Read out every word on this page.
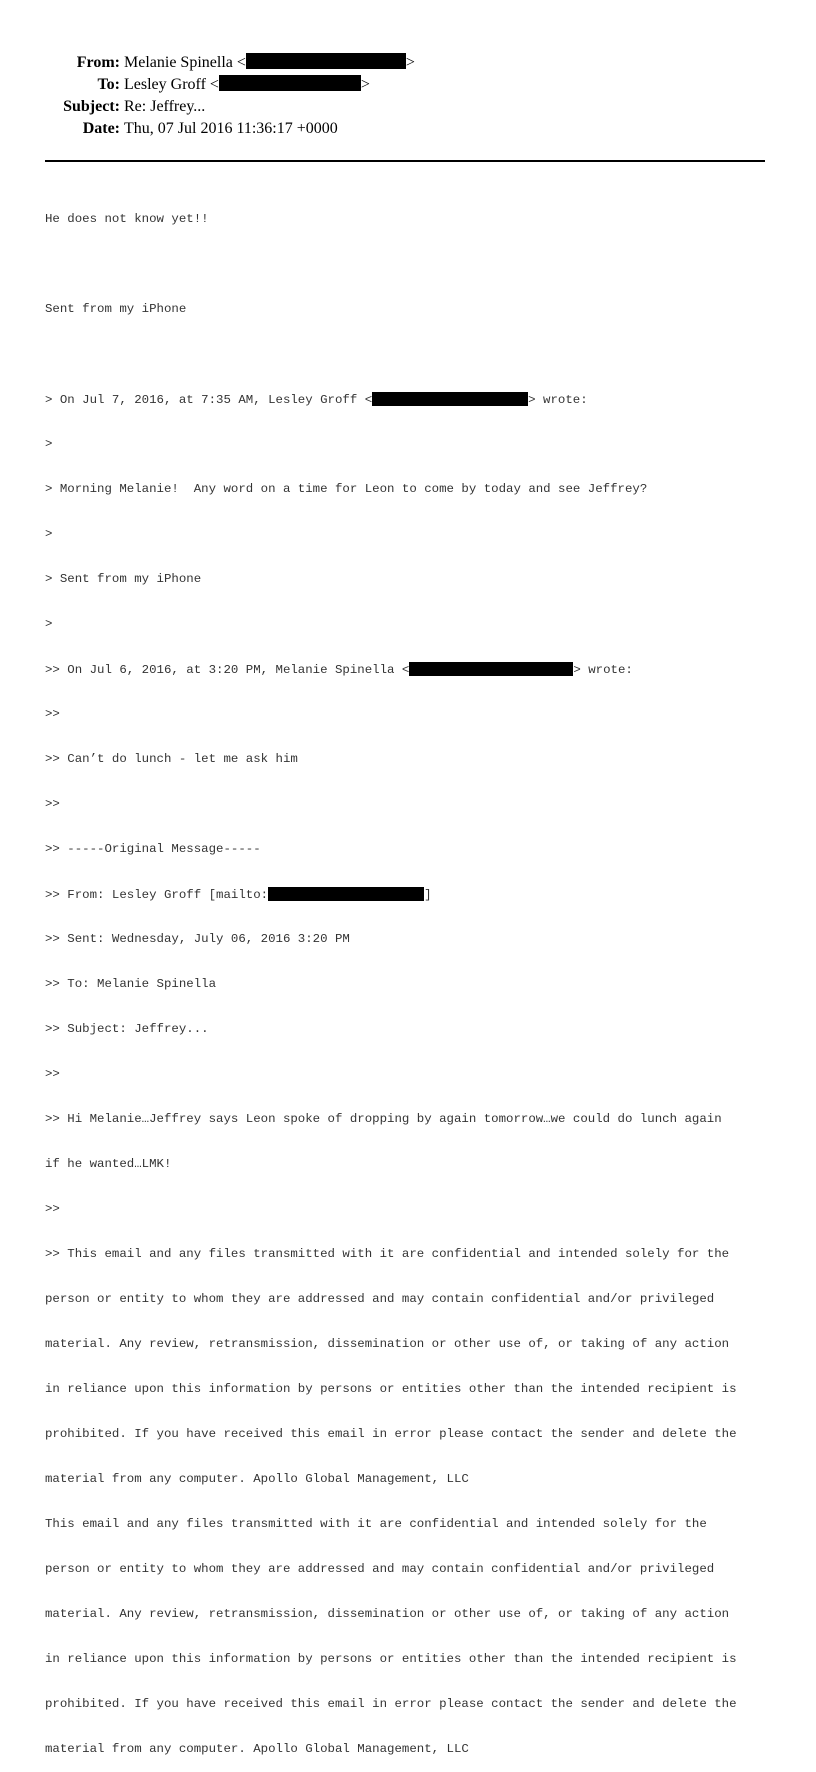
From: Melanie Spinella <	>
To: Lesley Groff <	>
Subject: Re: Jeffrey...
Date: Thu, 07 Jul 2016 11:36:17 +0000

He does not know yet!!

Sent from my iPhone

> On Jul 7, 2016, at 7:35 AM, Lesley Groff <	> wrote:

>

> Morning Melanie!  Any word on a time for Leon to come by today and see Jeffrey?

>

> Sent from my iPhone

>

>> On Jul 6, 2016, at 3:20 PM, Melanie Spinella <	> wrote:

>>

>> Can’t do lunch - let me ask him

>>

>> -----Original Message-----

>> From: Lesley Groff [mailto:	]

>> Sent: Wednesday, July 06, 2016 3:20 PM

>> To: Melanie Spinella

>> Subject: Jeffrey...

>>

>> Hi Melanie…Jeffrey says Leon spoke of dropping by again tomorrow…we could do lunch again

if he wanted…LMK!

>>

>> This email and any files transmitted with it are confidential and intended solely for the

person or entity to whom they are addressed and may contain confidential and/or privileged

material. Any review, retransmission, dissemination or other use of, or taking of any action

in reliance upon this information by persons or entities other than the intended recipient is

prohibited. If you have received this email in error please contact the sender and delete the

material from any computer. Apollo Global Management, LLC

This email and any files transmitted with it are confidential and intended solely for the

person or entity to whom they are addressed and may contain confidential and/or privileged

material. Any review, retransmission, dissemination or other use of, or taking of any action

in reliance upon this information by persons or entities other than the intended recipient is

prohibited. If you have received this email in error please contact the sender and delete the

material from any computer. Apollo Global Management, LLC
